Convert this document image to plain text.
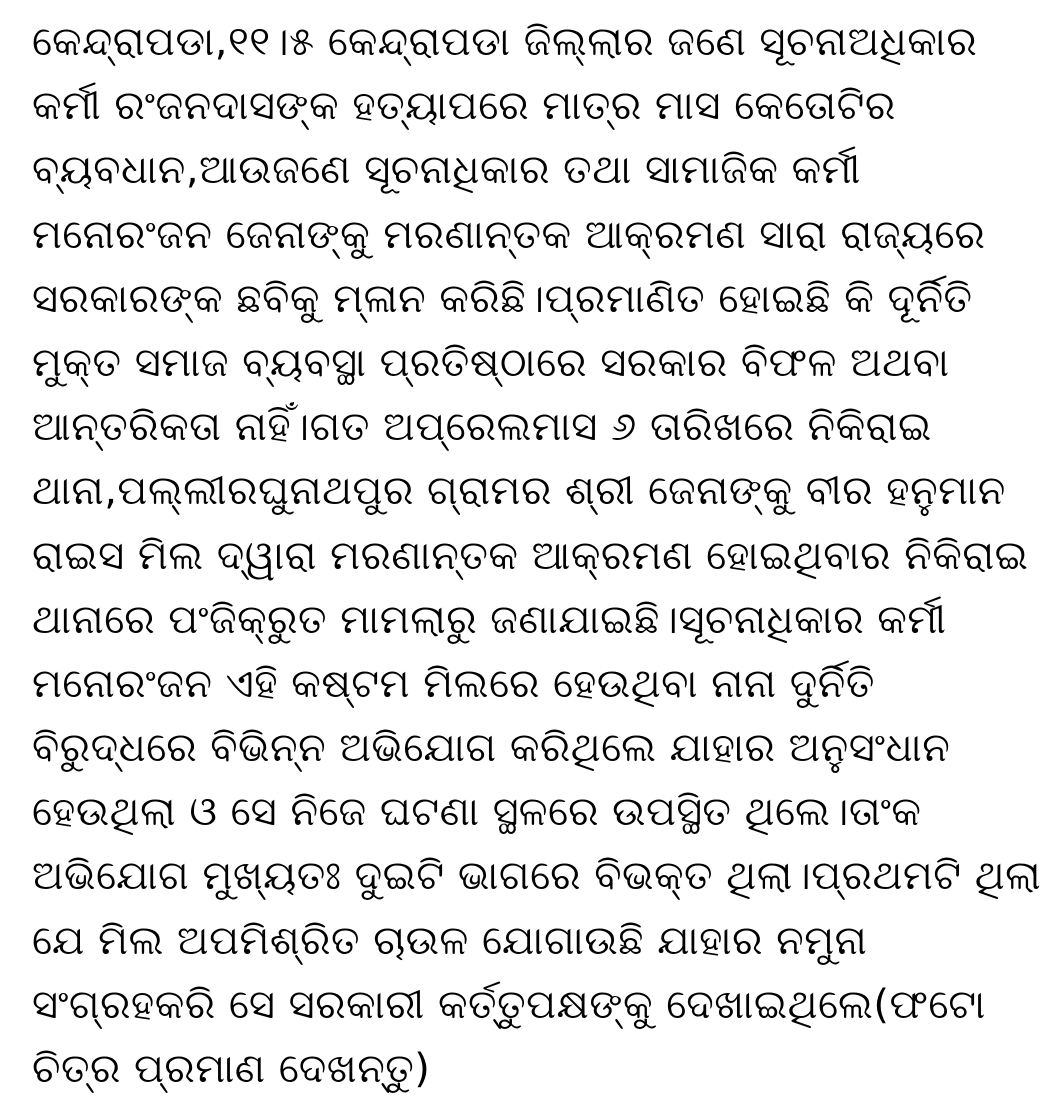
କେନ୍ଦ୍ରାପଡା,୧୧।୫ କେନ୍ଦ୍ରାପଡା ଜିଲ୍ଲାର ଜଣେ ସୂଚନାଅଧିକାର
କର୍ମୀ ରଂଜନଦାସଙ୍କ ହତ୍ୟାପରେ ମାତ୍ର ମାସ କେତୋଟିର
ବ୍ୟବଧାନ,ଆଉଜଣେ ସୂଚନାଧିକାର ତଥା ସାମାଜିକ କର୍ମୀ
ମନୋରଂଜନ ଜେନାଙ୍କୁ ମରଣାନ୍ତକ ଆକ୍ରମଣ ସାରା ରାଜ୍ୟରେ
ସରକାରଙ୍କ ଛବିକୁ ମ୍ଳାନ କରିଛି।ପ୍ରମାଣିତ ହୋଇଛି କି ଦୂର୍ନିତି
ମୁକ୍ତ ସମାଜ ବ୍ୟବସ୍ଥା ପ୍ରତିଷ୍ଠାରେ ସରକାର ବିଫଳ ଅଥବା
ଆନ୍ତରିକତା ନାହିଁ।ଗତ ଅପ୍ରେଲମାସ ୬ ତାରିଖରେ ନିକିରାଇ
ଥାନା,ପଲ୍ଲୀରଘୁନାଥପୁର ଗ୍ରାମର ଶ୍ରୀ ଜେନାଙ୍କୁ ବୀର ହନୁମାନ
ରାଇସ ମିଲ ଦ୍ୱାରା ମରଣାନ୍ତକ ଆକ୍ରମଣ ହୋଇଥିବାର ନିକିରାଇ
ଥାନାରେ ପଂଜିକ୍ରୁତ ମାମଲାରୁ ଜଣାଯାଇଛି।ସୂଚନାଧିକାର କର୍ମୀ
ମନୋରଂଜନ ଏହି କଷ୍ଟମ ମିଲରେ ହେଉଥିବା ନାନା ଦୁର୍ନିତି
ବିରୁଦ୍ଧରେ ବିଭିନ୍ନ ଅଭିଯୋଗ କରିଥିଲେ ଯାହାର ଅନୁସଂଧାନ
ହେଉଥିଲା ଓ ସେ ନିଜେ ଘଟଣା ସ୍ଥଳରେ ଉପସ୍ଥିତ ଥିଲେ।ତାଂକ
ଅଭିଯୋଗ ମୁଖ୍ୟତଃ ଦୁଇଟି ଭାଗରେ ବିଭକ୍ତ ଥିଲା।ପ୍ରଥମଟି ଥିଲା
ଯେ ମିଲ ଅପମିଶ୍ରିତ ଚାଉଳ ଯୋଗାଉଛି ଯାହାର ନମୁନା
ସଂଗ୍ରହକରି ସେ ସରକାରୀ କର୍ତ୍ତୁପକ୍ଷଙ୍କୁ ଦେଖାଇଥିଲେ(ଫଟୋ
ଚିତ୍ର ପ୍ରମାଣ ଦେଖନ୍ତୁ)
